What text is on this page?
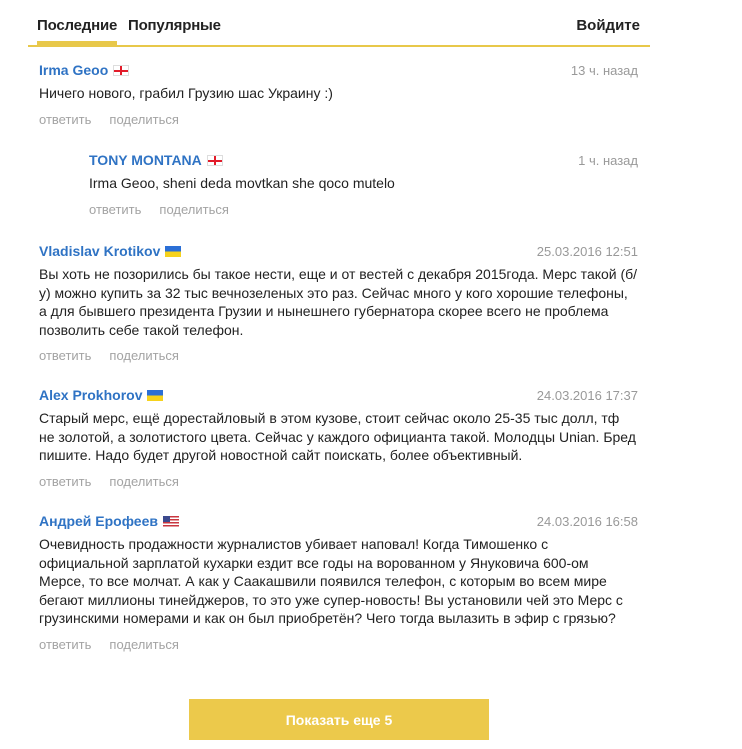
Последние Популярные	Войдите
Irma Geoo	13 ч. назад
Ничего нового, грабил Грузию шас Украину :)
ответить поделиться
TONY MONTANA	1 ч. назад
Irma Geoo, sheni deda movtkan she qoco mutelo
ответить поделиться
Vladislav Krotikov	25.03.2016 12:51
Вы хоть не позорились бы такое нести, еще и от вестей с декабря 2015года. Мерс такой (б/у) можно купить за 32 тыс вечнозеленых это раз. Сейчас много у кого хорошие телефоны, а для бывшего президента Грузии и нынешнего губернатора скорее всего не проблема позволить себе такой телефон.
ответить поделиться
Alex Prokhorov	24.03.2016 17:37
Старый мерс, ещё дорестайловый в этом кузове, стоит сейчас около 25-35 тыс долл, тф не золотой, а золотистого цвета. Сейчас у каждого официанта такой. Молодцы Unian. Бред пишите. Надо будет другой новостной сайт поискать, более объективный.
ответить поделиться
Андрей Ерофеев	24.03.2016 16:58
Очевидность продажности журналистов убивает наповал! Когда Тимошенко с официальной зарплатой кухарки ездит все годы на ворованном у Януковича 600-ом Мерсе, то все молчат. А как у Саакашвили появился телефон, с которым во всем мире бегают миллионы тинейджеров, то это уже супер-новость! Вы установили чей это Мерс с грузинскими номерами и как он был приобретён? Чего тогда вылазить в эфир с грязью?
ответить поделиться
Показать еще 5
